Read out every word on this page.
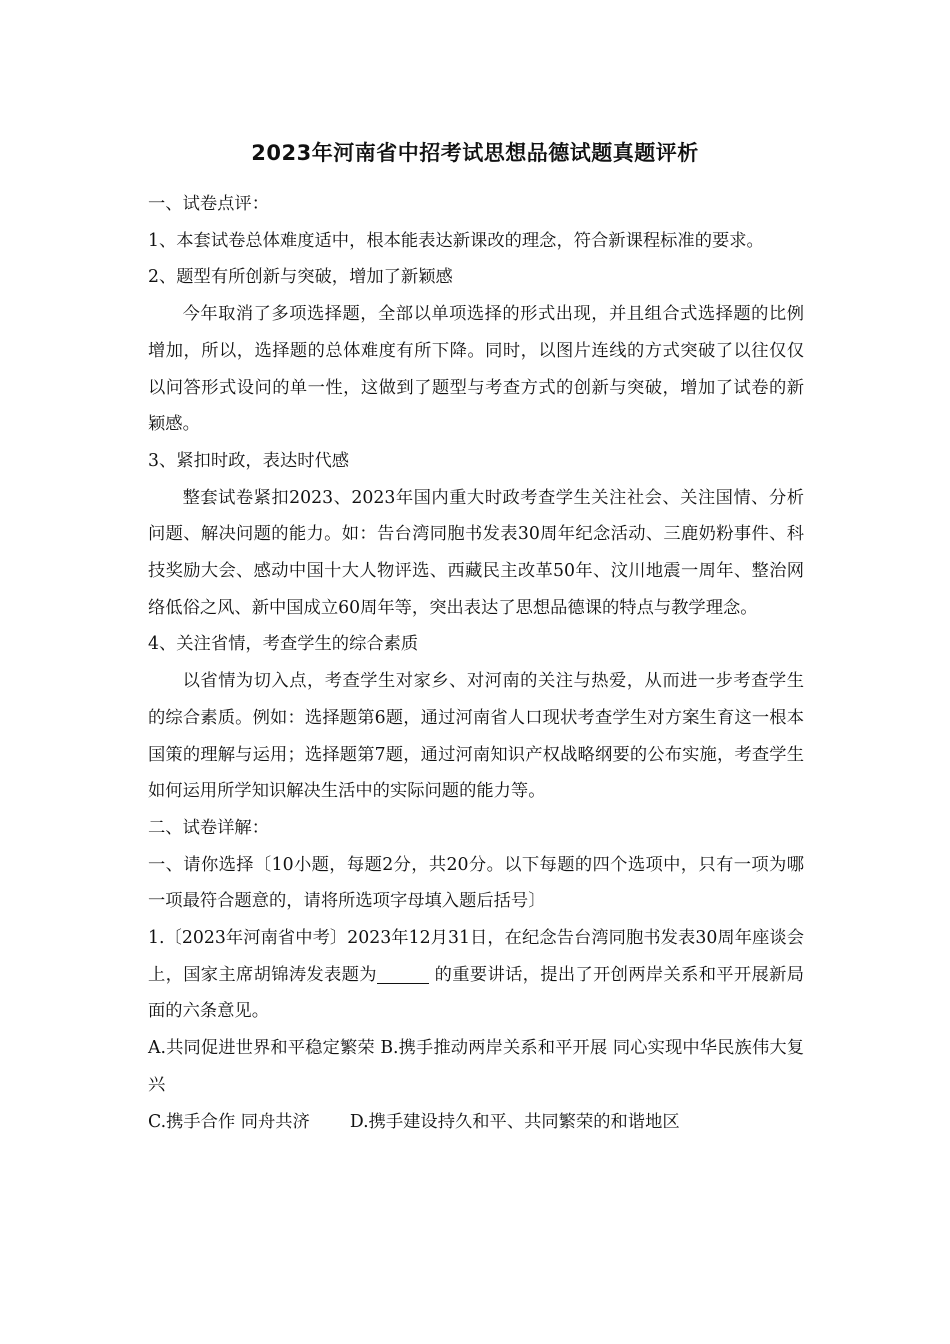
2023年河南省中招考试思想品德试题真题评析

一、试卷点评：

1、本套试卷总体难度适中，根本能表达新课改的理念，符合新课程标准的要求。

2、题型有所创新与突破，增加了新颖感

今年取消了多项选择题，全部以单项选择的形式出现，并且组合式选择题的比例增加，所以，选择题的总体难度有所下降。同时，以图片连线的方式突破了以往仅仅以问答形式设问的单一性，这做到了题型与考查方式的创新与突破，增加了试卷的新颖感。

3、紧扣时政，表达时代感

整套试卷紧扣2023、2023年国内重大时政考查学生关注社会、关注国情、分析问题、解决问题的能力。如：告台湾同胞书发表30周年纪念活动、三鹿奶粉事件、科技奖励大会、感动中国十大人物评选、西藏民主改革50年、汶川地震一周年、整治网络低俗之风、新中国成立60周年等，突出表达了思想品德课的特点与教学理念。

4、关注省情，考查学生的综合素质

以省情为切入点，考查学生对家乡、对河南的关注与热爱，从而进一步考查学生的综合素质。例如：选择题第6题，通过河南省人口现状考查学生对方案生育这一根本国策的理解与运用；选择题第7题，通过河南知识产权战略纲要的公布实施，考查学生如何运用所学知识解决生活中的实际问题的能力等。

二、试卷详解：

一、请你选择〔10小题，每题2分，共20分。以下每题的四个选项中，只有一项为哪一项最符合题意的，请将所选项字母填入题后括号〕

1.〔2023年河南省中考〕2023年12月31日，在纪念告台湾同胞书发表30周年座谈会上，国家主席胡锦涛发表题为	的重要讲话，提出了开创两岸关系和平开展新局面的六条意见。

A.共同促进世界和平稳定繁荣 B.携手推动两岸关系和平开展 同心实现中华民族伟大复兴

C.携手合作 同舟共济 D.携手建设持久和平、共同繁荣的和谐地区
